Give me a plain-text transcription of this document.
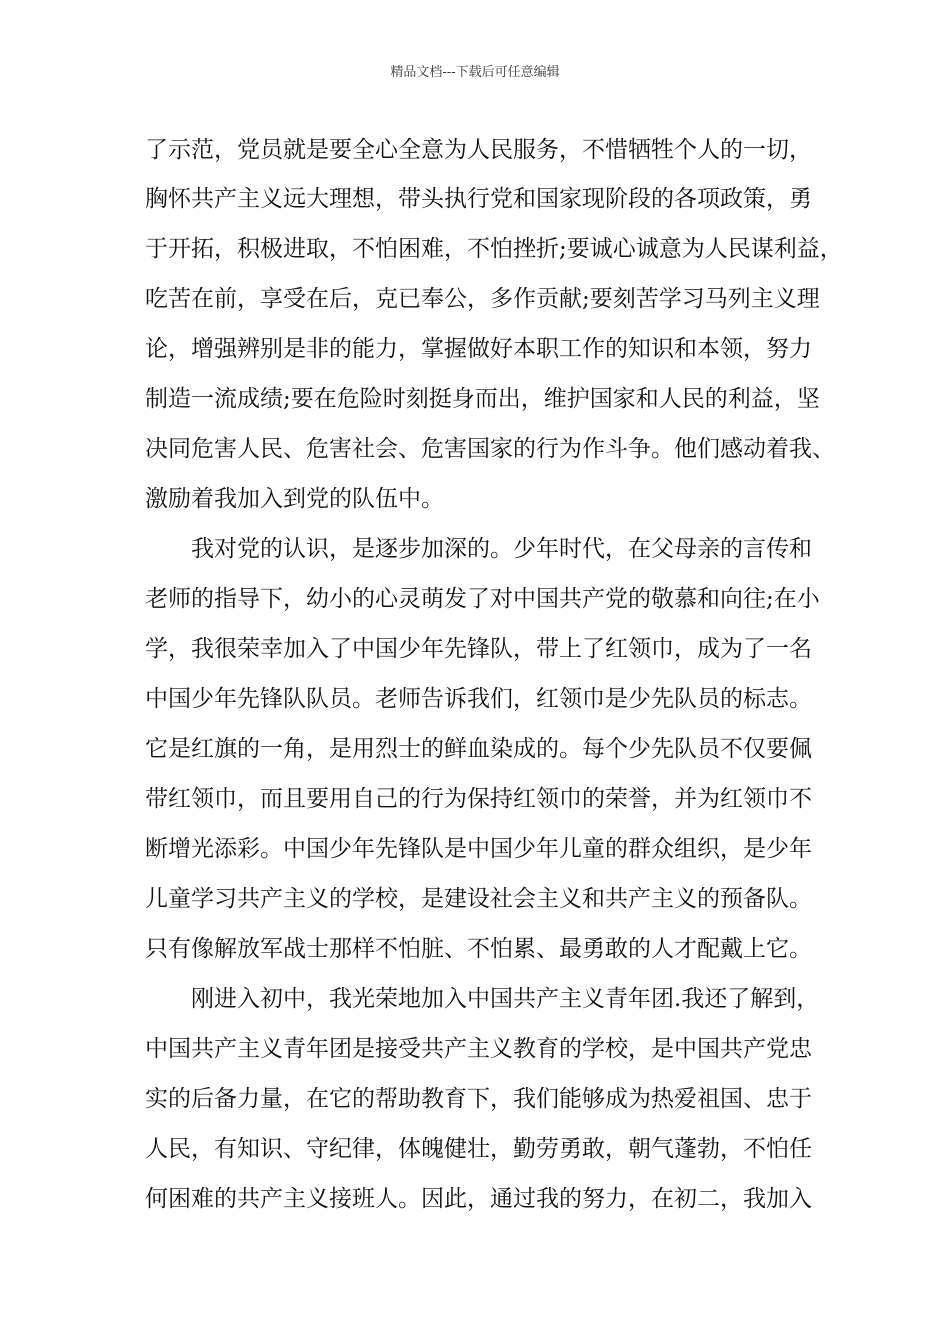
精品文档---下载后可任意编辑
了示范，党员就是要全心全意为人民服务，不惜牺牲个人的一切，
胸怀共产主义远大理想，带头执行党和国家现阶段的各项政策，勇
于开拓，积极进取，不怕困难，不怕挫折;要诚心诚意为人民谋利益，
吃苦在前，享受在后，克已奉公，多作贡献;要刻苦学习马列主义理
论，增强辨别是非的能力，掌握做好本职工作的知识和本领，努力
制造一流成绩;要在危险时刻挺身而出，维护国家和人民的利益，坚
决同危害人民、危害社会、危害国家的行为作斗争。他们感动着我、
激励着我加入到党的队伍中。
我对党的认识，是逐步加深的。少年时代，在父母亲的言传和
老师的指导下，幼小的心灵萌发了对中国共产党的敬慕和向往;在小
学，我很荣幸加入了中国少年先锋队，带上了红领巾，成为了一名
中国少年先锋队队员。老师告诉我们，红领巾是少先队员的标志。
它是红旗的一角，是用烈士的鲜血染成的。每个少先队员不仅要佩
带红领巾，而且要用自己的行为保持红领巾的荣誉，并为红领巾不
断增光添彩。中国少年先锋队是中国少年儿童的群众组织，是少年
儿童学习共产主义的学校，是建设社会主义和共产主义的预备队。
只有像解放军战士那样不怕脏、不怕累、最勇敢的人才配戴上它。
刚进入初中，我光荣地加入中国共产主义青年团.我还了解到，
中国共产主义青年团是接受共产主义教育的学校，是中国共产党忠
实的后备力量，在它的帮助教育下，我们能够成为热爱祖国、忠于
人民，有知识、守纪律，体魄健壮，勤劳勇敢，朝气蓬勃，不怕任
何困难的共产主义接班人。因此，通过我的努力，在初二，我加入
